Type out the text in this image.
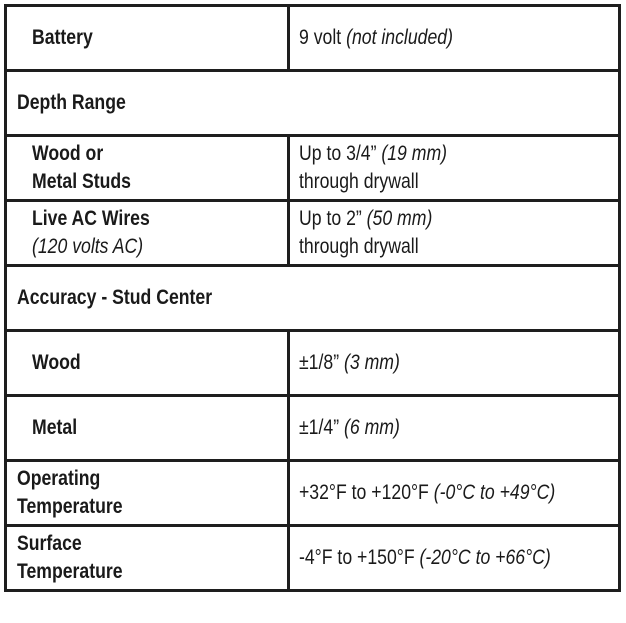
Battery	9 volt (not included)
Depth Range	
Wood or
Metal Studs	Up to 3/4” (19 mm)
through drywall
Live AC Wires
(120 volts AC)	Up to 2” (50 mm)
through drywall
Accuracy - Stud Center	
Wood	±1/8” (3 mm)
Metal	±1/4” (6 mm)
Operating
Temperature	+32°F to +120°F (-0°C to +49°C)
Surface
Temperature	-4°F to +150°F (-20°C to +66°C)
